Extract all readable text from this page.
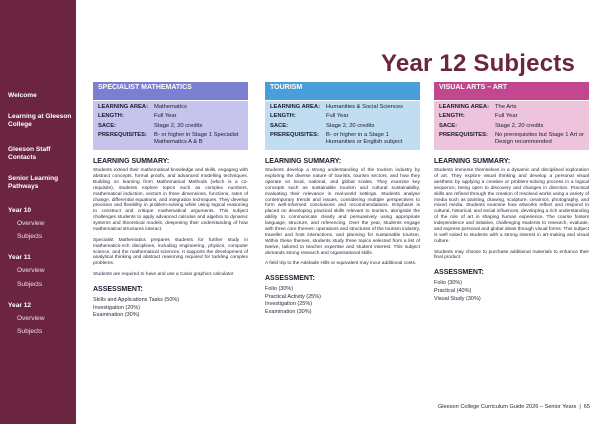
Welcome
Learning at Gleeson College
Gleeson Staff Contacts
Senior Learning Pathways
Year 10
Overview
Subjects
Year 11
Overview
Subjects
Year 12
Overview
Subjects
Year 12 Subjects
SPECIALIST MATHEMATICS
LEARNING AREA:	Mathematics
LENGTH:	Full Year
SACE:	Stage 2, 20 credits
PREREQUISITES:	B- or higher in Stage 1 Specialist Mathematics A & B
LEARNING SUMMARY:

Students extend their mathematical knowledge and skills, engaging with abstract concepts, formal proofs, and advanced modelling techniques. Building on learning from Mathematical Methods (which is a co-requisite), students explore topics such as complex numbers, mathematical induction, vectors in three dimensions, functions, rates of change, differential equations, and integration techniques. They develop precision and flexibility in problem-solving while using logical reasoning to construct and critique mathematical arguments. This subject challenges students to apply advanced calculus and algebra to dynamic systems and theoretical models, deepening their understanding of how mathematical structures interact.

Specialist Mathematics prepares students for further study in mathematics-rich disciplines, including engineering, physics, computer science, and the mathematical sciences. It supports the development of analytical thinking and abstract reasoning required for tackling complex problems.

Students are required to have and use a Casio graphics calculator

ASSESSMENT:
Skills and Applications Tasks (50%)
Investigation (20%)
Examination (30%)
TOURISM
LEARNING AREA:	Humanities & Social Sciences
LENGTH:	Full Year
SACE:	Stage 2, 20 credits
PREREQUISITES:	B- or higher in a Stage 1 Humanities or English subject
LEARNING SUMMARY:

Students develop a strong understanding of the tourism industry by exploring the diverse nature of tourists, tourism sectors, and how they operate on local, national, and global scales. They examine key concepts such as sustainable tourism and cultural sustainability, evaluating their relevance in real-world settings. Students analyse contemporary trends and issues, considering multiple perspectives to form well-informed conclusions and recommendations. Emphasis is placed on developing practical skills relevant to tourism, alongside the ability to communicate clearly and persuasively using appropriate language, structure, and referencing. Over the year, students engage with three core themes: operations and structures of the tourism industry, traveller and host interactions, and planning for sustainable tourism. Within these themes, students study three topics selected from a list of twelve, tailored to teacher expertise and student interest. This subject demands strong research and organisational skills.

A field trip to the Adelaide Hills or equivalent may incur additional costs.

ASSESSMENT:
Folio (30%)
Practical Activity (25%)
Investigation (25%)
Examination (30%)
VISUAL ARTS – ART
LEARNING AREA:	The Arts
LENGTH:	Full Year
SACE:	Stage 2, 20 credits
PREREQUISITES:	No prerequisites but Stage 1 Art or Design recommended
LEARNING SUMMARY:

Students immerse themselves in a dynamic and disciplined exploration of art. They explore visual thinking and develop a personal visual aesthetic by applying a creative or problem-solving process in a logical sequence, being open to discovery and changes in direction. Practical skills are refined through the creation of resolved works using a variety of media such as painting, drawing, sculpture, ceramics, photography, and mixed media. Students examine how artworks reflect and respond to cultural, historical, and social influences, developing a rich understanding of the role of art in shaping human experience. The course fosters independence and initiative, challenging students to research, evaluate, and express personal and global ideas through visual forms. This subject is well suited to students with a strong interest in art-making and visual culture.

Students may choose to purchase additional materials to enhance their final product.

ASSESSMENT:
Folio (30%)
Practical (40%)
Visual Study (30%)
Gleeson College Curriculum Guide 2026 – Senior Years | 65
